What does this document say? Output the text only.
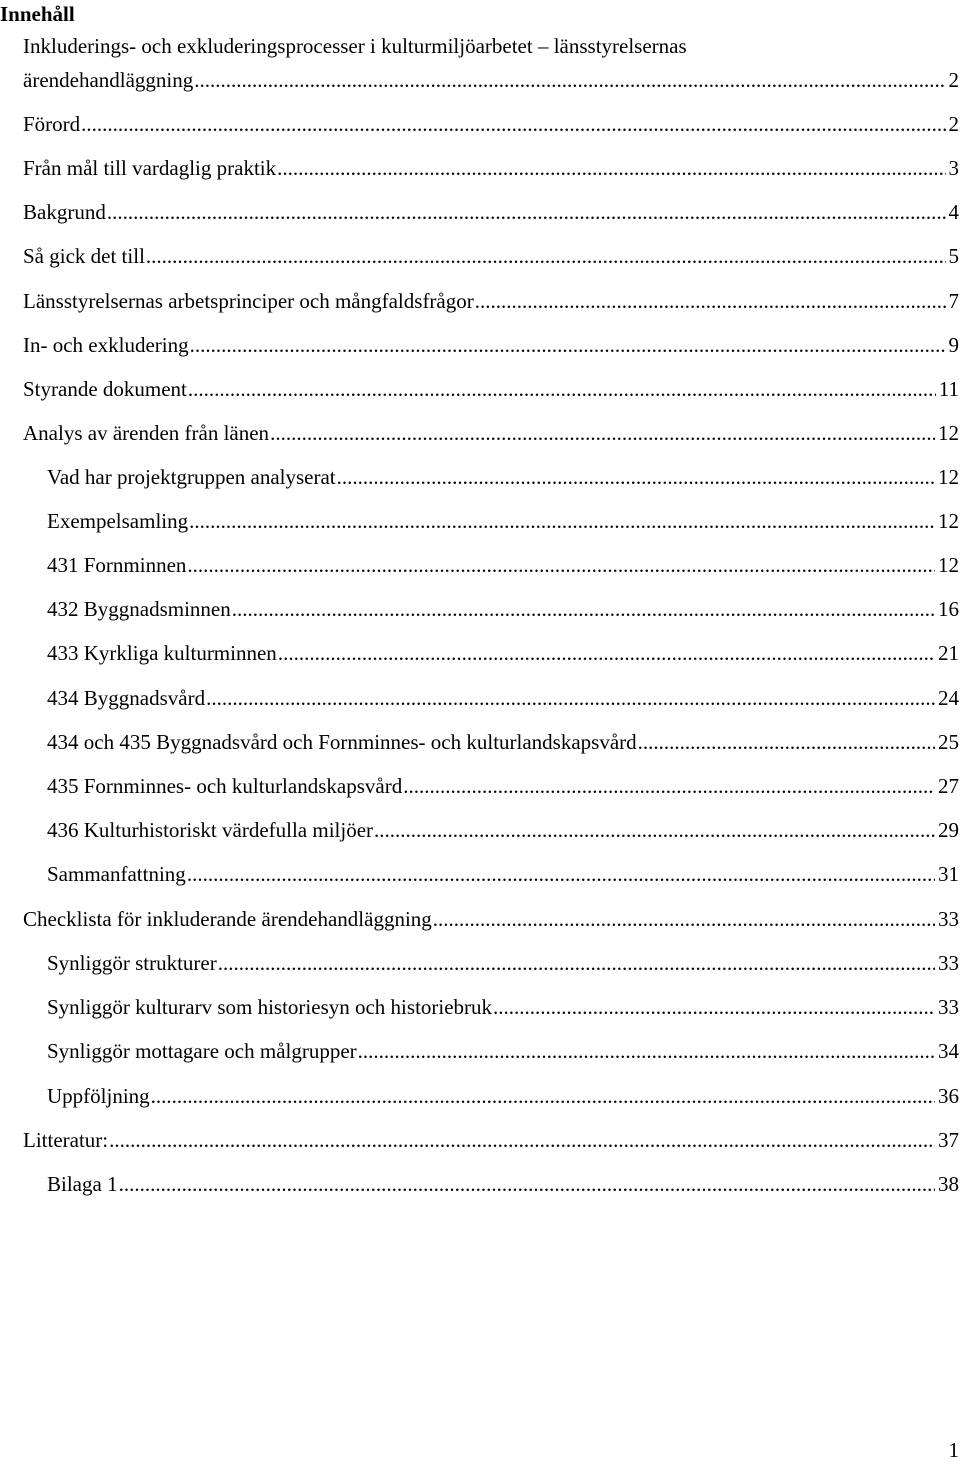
Innehåll
Inkluderings- och exkluderingsprocesser i kulturmiljöarbetet – länsstyrelsernas
ärendehandläggning .....	2
Förord .....	2
Från mål till vardaglig praktik .....	3
Bakgrund .....	4
Så gick det till .....	5
Länsstyrelsernas arbetsprinciper och mångfaldsfrågor .....	7
In- och exkludering .....	9
Styrande dokument .....	11
Analys av ärenden från länen .....	12
Vad har projektgruppen analyserat .....	12
Exempelsamling .....	12
431 Fornminnen .....	12
432 Byggnadsminnen .....	16
433 Kyrkliga kulturminnen .....	21
434 Byggnadsvård .....	24
434 och 435 Byggnadsvård och Fornminnes- och kulturlandskapsvård .....	25
435 Fornminnes- och kulturlandskapsvård .....	27
436 Kulturhistoriskt värdefulla miljöer .....	29
Sammanfattning .....	31
Checklista för inkluderande ärendehandläggning .....	33
Synliggör strukturer .....	33
Synliggör kulturarv som historiesyn och historiebruk .....	33
Synliggör mottagare och målgrupper .....	34
Uppföljning .....	36
Litteratur: .....	37
Bilaga 1 .....	38
1
